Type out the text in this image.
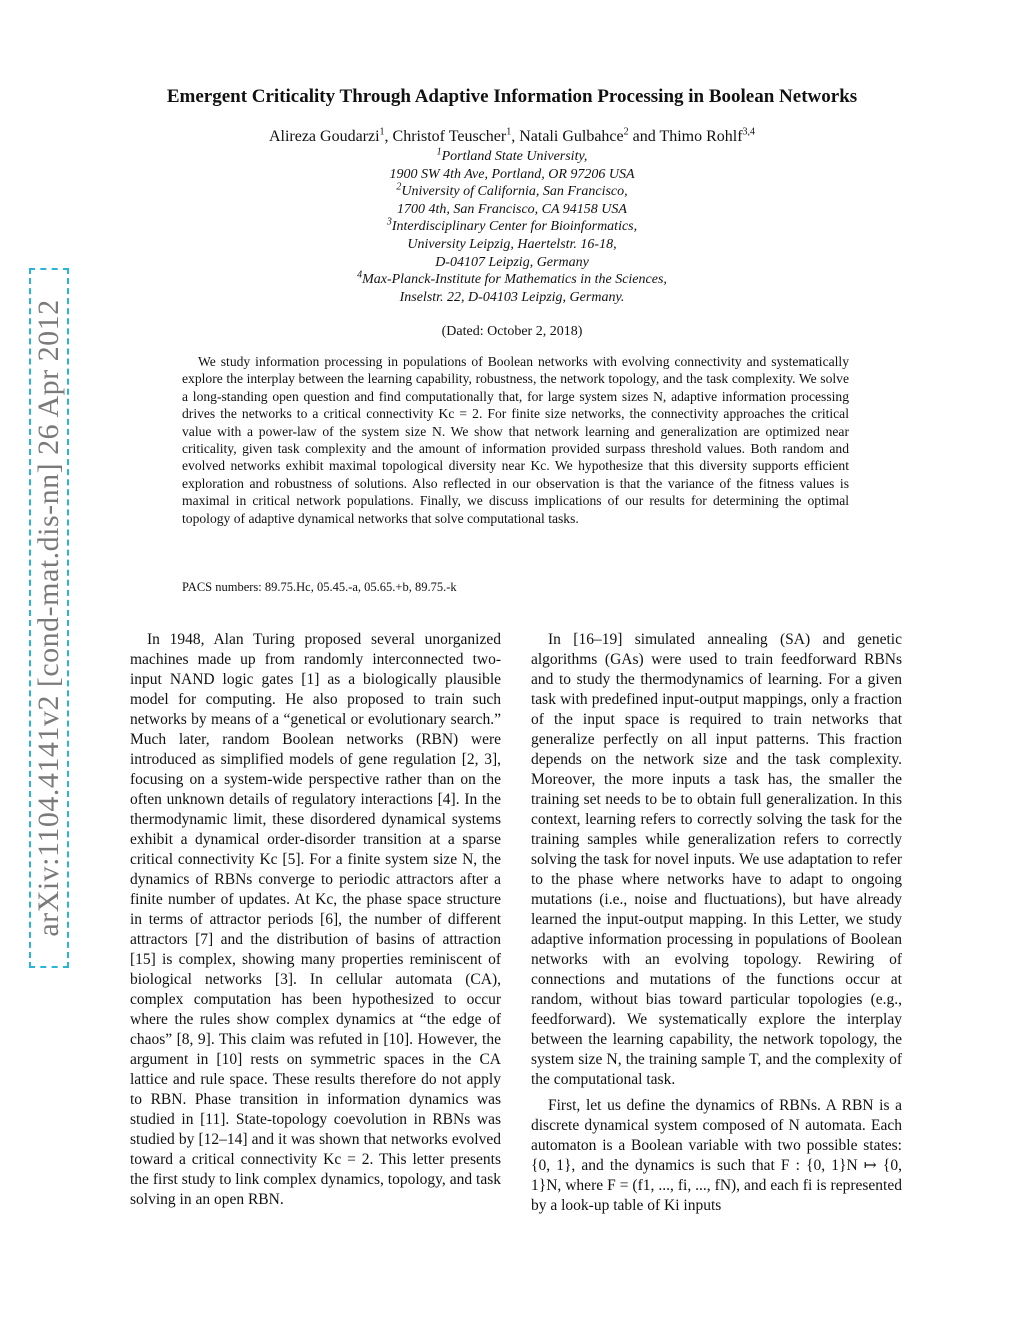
arXiv:1104.4141v2 [cond-mat.dis-nn] 26 Apr 2012
Emergent Criticality Through Adaptive Information Processing in Boolean Networks
Alireza Goudarzi$^1$, Christof Teuscher$^1$, Natali Gulbahce$^2$ and Thimo Rohlf$^{3,4}$
$^1$Portland State University,
1900 SW 4th Ave, Portland, OR 97206 USA
$^2$University of California, San Francisco,
1700 4th, San Francisco, CA 94158 USA
$^3$Interdisciplinary Center for Bioinformatics,
University Leipzig, Haertelstr. 16-18,
D-04107 Leipzig, Germany
$^4$Max-Planck-Institute for Mathematics in the Sciences,
Inselstr. 22, D-04103 Leipzig, Germany.
(Dated: October 2, 2018)

We study information processing in populations of Boolean networks with evolving connectivity and systematically explore the interplay between the learning capability, robustness, the network topology, and the task complexity. We solve a long-standing open question and find computationally that, for large system sizes N, adaptive information processing drives the networks to a critical connectivity Kc = 2. For finite size networks, the connectivity approaches the critical value with a power-law of the system size N. We show that network learning and generalization are optimized near criticality, given task complexity and the amount of information provided surpass threshold values. Both random and evolved networks exhibit maximal topological diversity near Kc. We hypothesize that this diversity supports efficient exploration and robustness of solutions. Also reflected in our observation is that the variance of the fitness values is maximal in critical network populations. Finally, we discuss implications of our results for determining the optimal topology of adaptive dynamical networks that solve computational tasks.

PACS numbers: 89.75.Hc, 05.45.-a, 05.65.+b, 89.75.-k

In 1948, Alan Turing proposed several unorganized machines made up from randomly interconnected two-input NAND logic gates [1] as a biologically plausible model for computing. He also proposed to train such networks by means of a “genetical or evolutionary search.” Much later, random Boolean networks (RBN) were introduced as simplified models of gene regulation [2, 3], focusing on a system-wide perspective rather than on the often unknown details of regulatory interactions [4]. In the thermodynamic limit, these disordered dynamical systems exhibit a dynamical order-disorder transition at a sparse critical connectivity Kc [5]. For a finite system size N, the dynamics of RBNs converge to periodic attractors after a finite number of updates. At Kc, the phase space structure in terms of attractor periods [6], the number of different attractors [7] and the distribution of basins of attraction [15] is complex, showing many properties reminiscent of biological networks [3]. In cellular automata (CA), complex computation has been hypothesized to occur where the rules show complex dynamics at “the edge of chaos” [8, 9]. This claim was refuted in [10]. However, the argument in [10] rests on symmetric spaces in the CA lattice and rule space. These results therefore do not apply to RBN. Phase transition in information dynamics was studied in [11]. State-topology coevolution in RBNs was studied by [12–14] and it was shown that networks evolved toward a critical connectivity Kc = 2. This letter presents the first study to link complex dynamics, topology, and task solving in an open RBN.

In [16–19] simulated annealing (SA) and genetic algorithms (GAs) were used to train feedforward RBNs and to study the thermodynamics of learning. For a given task with predefined input-output mappings, only a fraction of the input space is required to train networks that generalize perfectly on all input patterns. This fraction depends on the network size and the task complexity. Moreover, the more inputs a task has, the smaller the training set needs to be to obtain full generalization. In this context, learning refers to correctly solving the task for the training samples while generalization refers to correctly solving the task for novel inputs. We use adaptation to refer to the phase where networks have to adapt to ongoing mutations (i.e., noise and fluctuations), but have already learned the input-output mapping. In this Letter, we study adaptive information processing in populations of Boolean networks with an evolving topology. Rewiring of connections and mutations of the functions occur at random, without bias toward particular topologies (e.g., feedforward). We systematically explore the interplay between the learning capability, the network topology, the system size N, the training sample T, and the complexity of the computational task.

First, let us define the dynamics of RBNs. A RBN is a discrete dynamical system composed of N automata. Each automaton is a Boolean variable with two possible states: {0, 1}, and the dynamics is such that F : {0, 1}N ↦ {0, 1}N, where F = (f1, ..., fi, ..., fN), and each fi is represented by a look-up table of Ki inputs
